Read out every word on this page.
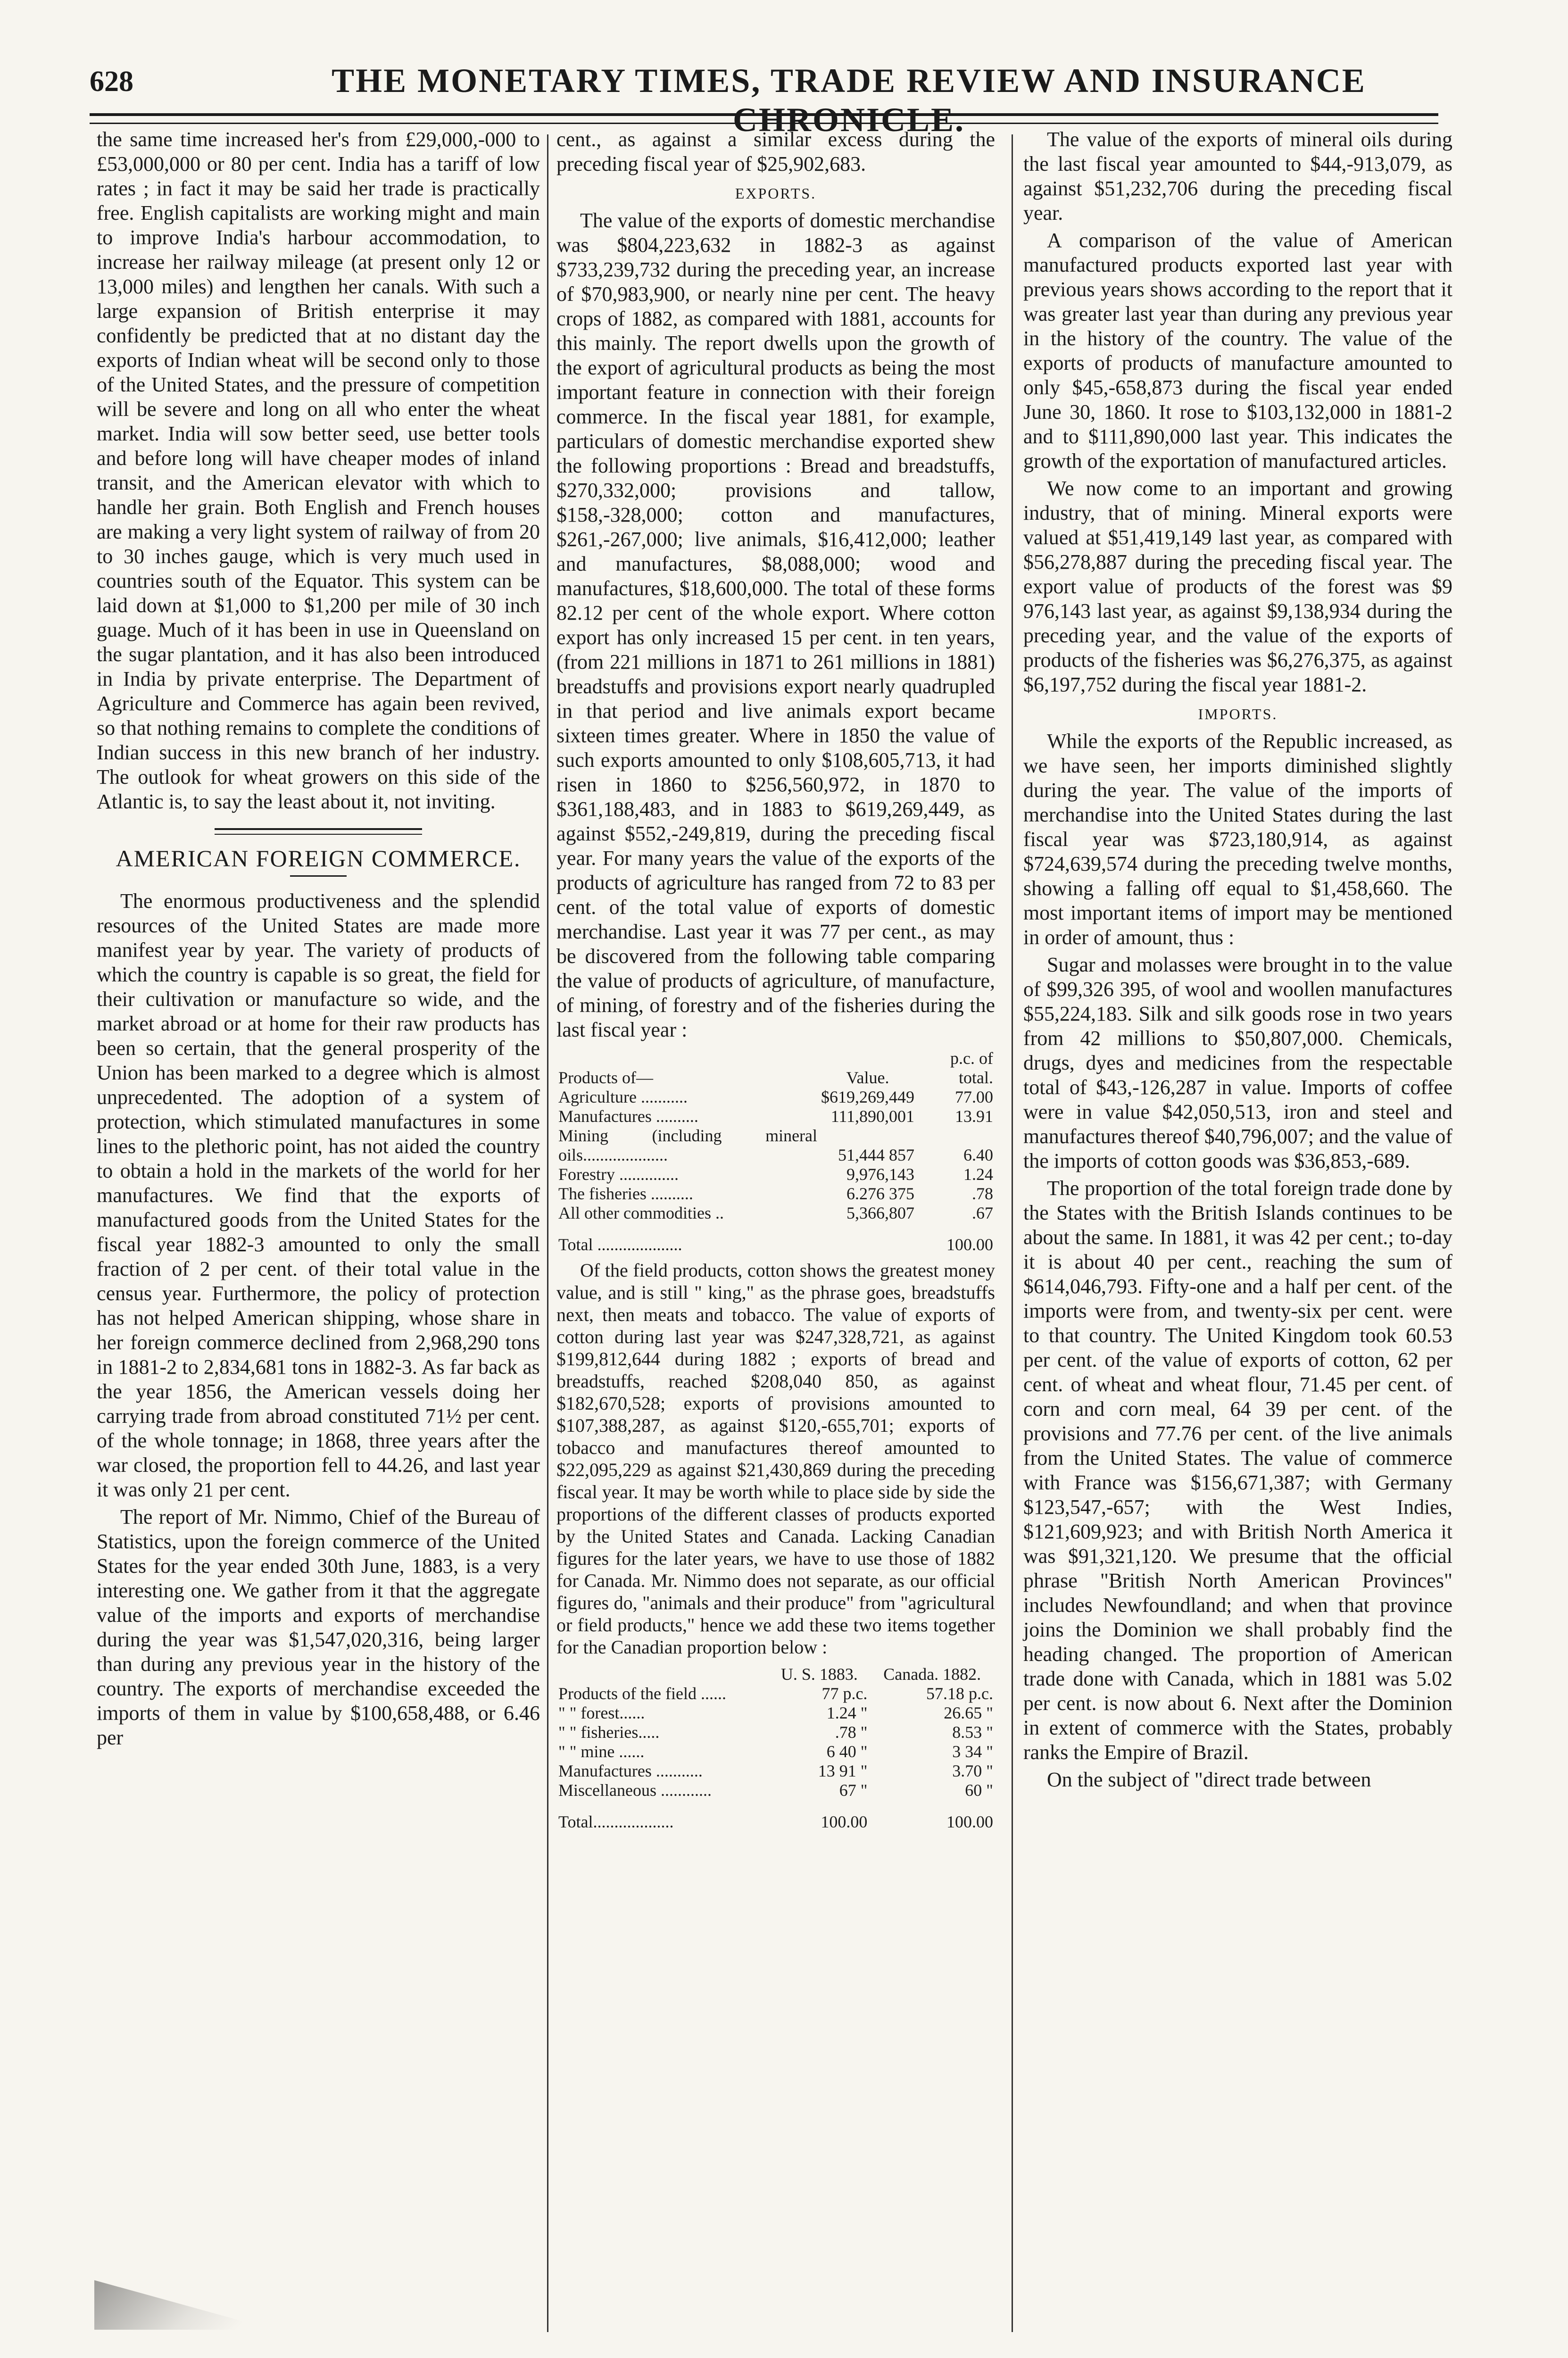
628	THE MONETARY TIMES, TRADE REVIEW AND INSURANCE CHRONICLE.

the same time increased her's from £29,000,-000 to £53,000,000 or 80 per cent. India has a tariff of low rates ; in fact it may be said her trade is practically free. English capitalists are working might and main to improve India's harbour accommodation, to increase her railway mileage (at present only 12 or 13,000 miles) and lengthen her canals. With such a large expansion of British enterprise it may confidently be predicted that at no distant day the exports of Indian wheat will be second only to those of the United States, and the pressure of competition will be severe and long on all who enter the wheat market. India will sow better seed, use better tools and before long will have cheaper modes of inland transit, and the American elevator with which to handle her grain. Both English and French houses are making a very light system of railway of from 20 to 30 inches gauge, which is very much used in countries south of the Equator. This system can be laid down at $1,000 to $1,200 per mile of 30 inch guage. Much of it has been in use in Queensland on the sugar plantation, and it has also been introduced in India by private enterprise. The Department of Agriculture and Commerce has again been revived, so that nothing remains to complete the conditions of Indian success in this new branch of her industry. The outlook for wheat growers on this side of the Atlantic is, to say the least about it, not inviting.

AMERICAN FOREIGN COMMERCE.

The enormous productiveness and the splendid resources of the United States are made more manifest year by year. The variety of products of which the country is capable is so great, the field for their cultivation or manufacture so wide, and the market abroad or at home for their raw products has been so certain, that the general prosperity of the Union has been marked to a degree which is almost unprecedented. The adoption of a system of protection, which stimulated manufactures in some lines to the plethoric point, has not aided the country to obtain a hold in the markets of the world for her manufactures. We find that the exports of manufactured goods from the United States for the fiscal year 1882-3 amounted to only the small fraction of 2 per cent. of their total value in the census year. Furthermore, the policy of protection has not helped American shipping, whose share in her foreign commerce declined from 2,968,290 tons in 1881-2 to 2,834,681 tons in 1882-3. As far back as the year 1856, the American vessels doing her carrying trade from abroad constituted 71½ per cent. of the whole tonnage; in 1868, three years after the war closed, the proportion fell to 44.26, and last year it was only 21 per cent.

The report of Mr. Nimmo, Chief of the Bureau of Statistics, upon the foreign commerce of the United States for the year ended 30th June, 1883, is a very interesting one. We gather from it that the aggregate value of the imports and exports of merchandise during the year was $1,547,020,316, being larger than during any previous year in the history of the country. The exports of merchandise exceeded the imports of them in value by $100,658,488, or 6.46 per

cent., as against a similar excess during the preceding fiscal year of $25,902,683.

EXPORTS.

The value of the exports of domestic merchandise was $804,223,632 in 1882-3 as against $733,239,732 during the preceding year, an increase of $70,983,900, or nearly nine per cent. The heavy crops of 1882, as compared with 1881, accounts for this mainly. The report dwells upon the growth of the export of agricultural products as being the most important feature in connection with their foreign commerce. In the fiscal year 1881, for example, particulars of domestic merchandise exported shew the following proportions : Bread and breadstuffs, $270,332,000; provisions and tallow, $158,-328,000; cotton and manufactures, $261,-267,000; live animals, $16,412,000; leather and manufactures, $8,088,000; wood and manufactures, $18,600,000. The total of these forms 82.12 per cent of the whole export. Where cotton export has only increased 15 per cent. in ten years, (from 221 millions in 1871 to 261 millions in 1881) breadstuffs and provisions export nearly quadrupled in that period and live animals export became sixteen times greater. Where in 1850 the value of such exports amounted to only $108,605,713, it had risen in 1860 to $256,560,972, in 1870 to $361,188,483, and in 1883 to $619,269,449, as against $552,-249,819, during the preceding fiscal year. For many years the value of the exports of the products of agriculture has ranged from 72 to 83 per cent. of the total value of exports of domestic merchandise. Last year it was 77 per cent., as may be discovered from the following table comparing the value of products of agriculture, of manufacture, of mining, of forestry and of the fisheries during the last fiscal year :

Products of—	Value.	p.c. of total.
Agriculture ...........	$619,269,449	77.00
Manufactures ..........	111,890,001	13.91
Mining (including mineral oils....................	51,444 857	6.40
Forestry ..............	9,976,143	1.24
The fisheries ..........	6.276 375	.78
All other commodities ..	5,366,807	.67
Total ....................		100.00

Of the field products, cotton shows the greatest money value, and is still " king," as the phrase goes, breadstuffs next, then meats and tobacco. The value of exports of cotton during last year was $247,328,721, as against $199,812,644 during 1882 ; exports of bread and breadstuffs, reached $208,040 850, as against $182,670,528; exports of provisions amounted to $107,388,287, as against $120,-655,701; exports of tobacco and manufactures thereof amounted to $22,095,229 as against $21,430,869 during the preceding fiscal year. It may be worth while to place side by side the proportions of the different classes of products exported by the United States and Canada. Lacking Canadian figures for the later years, we have to use those of 1882 for Canada. Mr. Nimmo does not separate, as our official figures do, "animals and their produce" from "agricultural or field products," hence we add these two items together for the Canadian proportion below :

	U. S. 1883.	Canada. 1882.
Products of the field ......	77 p.c.	57.18 p.c.
" " forest......	1.24 "	26.65 "
" " fisheries.....	.78 "	8.53 "
" " mine ......	6 40 "	3 34 "
Manufactures ...........	13 91 "	3.70 "
Miscellaneous ............	67 "	60 "
Total...................	100.00	100.00

The value of the exports of mineral oils during the last fiscal year amounted to $44,-913,079, as against $51,232,706 during the preceding fiscal year.

A comparison of the value of American manufactured products exported last year with previous years shows according to the report that it was greater last year than during any previous year in the history of the country. The value of the exports of products of manufacture amounted to only $45,-658,873 during the fiscal year ended June 30, 1860. It rose to $103,132,000 in 1881-2 and to $111,890,000 last year. This indicates the growth of the exportation of manufactured articles.

We now come to an important and growing industry, that of mining. Mineral exports were valued at $51,419,149 last year, as compared with $56,278,887 during the preceding fiscal year. The export value of products of the forest was $9 976,143 last year, as against $9,138,934 during the preceding year, and the value of the exports of products of the fisheries was $6,276,375, as against $6,197,752 during the fiscal year 1881-2.

IMPORTS.

While the exports of the Republic increased, as we have seen, her imports diminished slightly during the year. The value of the imports of merchandise into the United States during the last fiscal year was $723,180,914, as against $724,639,574 during the preceding twelve months, showing a falling off equal to $1,458,660. The most important items of import may be mentioned in order of amount, thus :

Sugar and molasses were brought in to the value of $99,326 395, of wool and woollen manufactures $55,224,183. Silk and silk goods rose in two years from 42 millions to $50,807,000. Chemicals, drugs, dyes and medicines from the respectable total of $43,-126,287 in value. Imports of coffee were in value $42,050,513, iron and steel and manufactures thereof $40,796,007; and the value of the imports of cotton goods was $36,853,-689.

The proportion of the total foreign trade done by the States with the British Islands continues to be about the same. In 1881, it was 42 per cent.; to-day it is about 40 per cent., reaching the sum of $614,046,793. Fifty-one and a half per cent. of the imports were from, and twenty-six per cent. were to that country. The United Kingdom took 60.53 per cent. of the value of exports of cotton, 62 per cent. of wheat and wheat flour, 71.45 per cent. of corn and corn meal, 64 39 per cent. of the provisions and 77.76 per cent. of the live animals from the United States. The value of commerce with France was $156,671,387; with Germany $123,547,-657; with the West Indies, $121,609,923; and with British North America it was $91,321,120. We presume that the official phrase "British North American Provinces" includes Newfoundland; and when that province joins the Dominion we shall probably find the heading changed. The proportion of American trade done with Canada, which in 1881 was 5.02 per cent. is now about 6. Next after the Dominion in extent of commerce with the States, probably ranks the Empire of Brazil.

On the subject of "direct trade between
